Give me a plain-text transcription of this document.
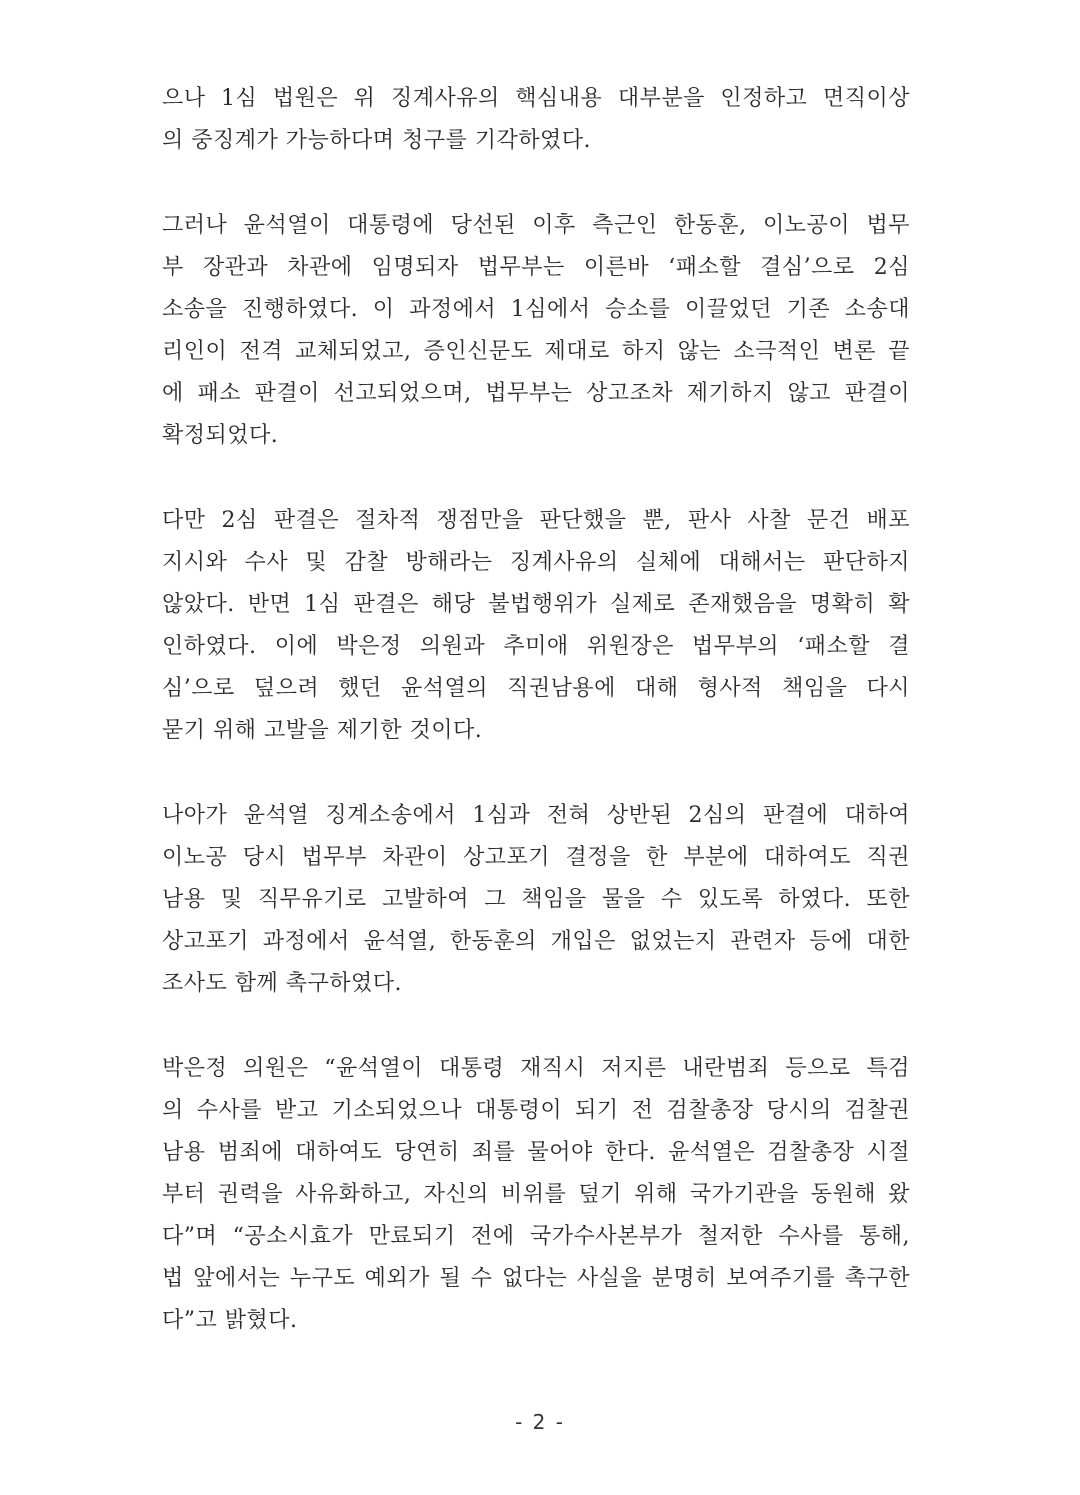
으나 1심 법원은 위 징계사유의 핵심내용 대부분을 인정하고 면직이상
의 중징계가 가능하다며 청구를 기각하였다.
그러나 윤석열이 대통령에 당선된 이후 측근인 한동훈, 이노공이 법무
부 장관과 차관에 임명되자 법무부는 이른바 ‘패소할 결심’으로 2심
소송을 진행하였다. 이 과정에서 1심에서 승소를 이끌었던 기존 소송대
리인이 전격 교체되었고, 증인신문도 제대로 하지 않는 소극적인 변론 끝
에 패소 판결이 선고되었으며, 법무부는 상고조차 제기하지 않고 판결이
확정되었다.
다만 2심 판결은 절차적 쟁점만을 판단했을 뿐, 판사 사찰 문건 배포
지시와 수사 및 감찰 방해라는 징계사유의 실체에 대해서는 판단하지
않았다. 반면 1심 판결은 해당 불법행위가 실제로 존재했음을 명확히 확
인하였다. 이에 박은정 의원과 추미애 위원장은 법무부의 ‘패소할 결
심’으로 덮으려 했던 윤석열의 직권남용에 대해 형사적 책임을 다시
묻기 위해 고발을 제기한 것이다.
나아가 윤석열 징계소송에서 1심과 전혀 상반된 2심의 판결에 대하여
이노공 당시 법무부 차관이 상고포기 결정을 한 부분에 대하여도 직권
남용 및 직무유기로 고발하여 그 책임을 물을 수 있도록 하였다. 또한
상고포기 과정에서 윤석열, 한동훈의 개입은 없었는지 관련자 등에 대한
조사도 함께 촉구하였다.
박은정 의원은 “윤석열이 대통령 재직시 저지른 내란범죄 등으로 특검
의 수사를 받고 기소되었으나 대통령이 되기 전 검찰총장 당시의 검찰권
남용 범죄에 대하여도 당연히 죄를 물어야 한다. 윤석열은 검찰총장 시절
부터 권력을 사유화하고, 자신의 비위를 덮기 위해 국가기관을 동원해 왔
다”며 “공소시효가 만료되기 전에 국가수사본부가 철저한 수사를 통해,
법 앞에서는 누구도 예외가 될 수 없다는 사실을 분명히 보여주기를 촉구한
다”고 밝혔다.
- 2 -
